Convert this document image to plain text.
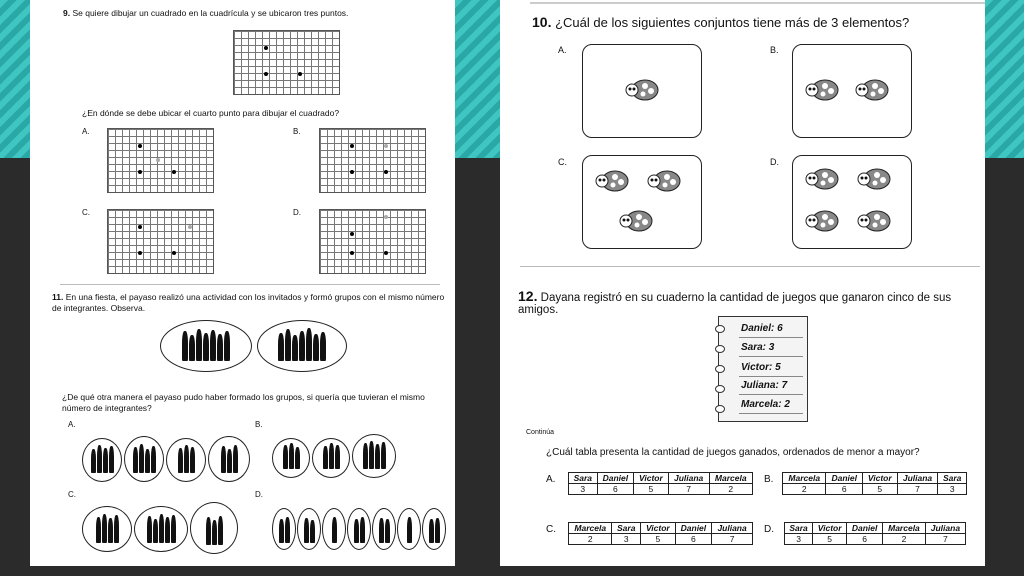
9. Se quiere dibujar un cuadrado en la cuadrícula y se ubicaron tres puntos.
¿En dónde se debe ubicar el cuarto punto para dibujar el cuadrado?
A.	B.
C.	D.
11. En una fiesta, el payaso realizó una actividad con los invitados y formó grupos con el mismo número de integrantes. Observa.
¿De qué otra manera el payaso pudo haber formado los grupos, si quería que tuvieran el mismo número de integrantes?
A.	B.
C.	D.
10. ¿Cuál de los siguientes conjuntos tiene más de 3 elementos?
A.	B.
C.	D.
12. Dayana registró en su cuaderno la cantidad de juegos que ganaron cinco de sus amigos.
Daniel: 6
Sara: 3
Victor: 5
Juliana: 7
Marcela: 2
Continúa
¿Cuál tabla presenta la cantidad de juegos ganados, ordenados de menor a mayor?
A. Sara	Daniel	Victor	Juliana	Marcela
3	6	5	7	2
B. Marcela	Daniel	Victor	Juliana	Sara
2	6	5	7	3
C. Marcela	Sara	Victor	Daniel	Juliana
2	3	5	6	7
D. Sara	Victor	Daniel	Marcela	Juliana
3	5	6	2	7
